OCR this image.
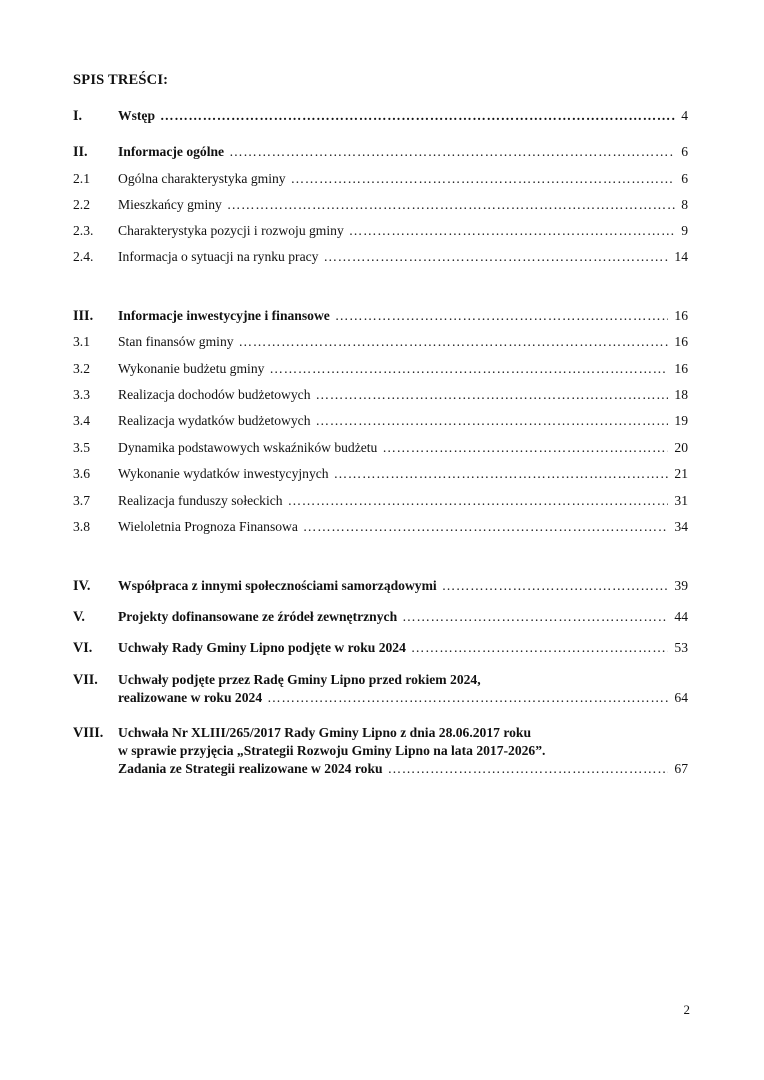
SPIS TREŚCI:
I.	Wstęp ………………………………………………………………………………………………………………………………………………………………………………………………………………	4
II. Informacje ogólne ………………………………………………………………………………………………………………………………………………………………………………………………………………	6
2.1 Ogólna charakterystyka gminy ………………………………………………………………………………………………………………………………………………………………………………………………………………	6
2.2 Mieszkańcy gminy ………………………………………………………………………………………………………………………………………………………………………………………………………………	8
2.3. Charakterystyka pozycji i rozwoju gminy ………………………………………………………………………………………………………………………………………………………………………………………………………………	9
2.4. Informacja o sytuacji na rynku pracy ………………………………………………………………………………………………………………………………………………………………………………………………………………	14
III. Informacje inwestycyjne i finansowe ………………………………………………………………………………………………………………………………………………………………………………………………………………	16
3.1 Stan finansów gminy ………………………………………………………………………………………………………………………………………………………………………………………………………………	16
3.2 Wykonanie budżetu gminy ………………………………………………………………………………………………………………………………………………………………………………………………………………	16
3.3 Realizacja dochodów budżetowych ………………………………………………………………………………………………………………………………………………………………………………………………………………	18
3.4 Realizacja wydatków budżetowych ………………………………………………………………………………………………………………………………………………………………………………………………………………	19
3.5 Dynamika podstawowych wskaźników budżetu ………………………………………………………………………………………………………………………………………………………………………………………………………………	20
3.6 Wykonanie wydatków inwestycyjnych ………………………………………………………………………………………………………………………………………………………………………………………………………………	21
3.7 Realizacja funduszy sołeckich ………………………………………………………………………………………………………………………………………………………………………………………………………………	31
3.8 Wieloletnia Prognoza Finansowa ………………………………………………………………………………………………………………………………………………………………………………………………………………	34
IV. Współpraca z innymi społecznościami samorządowymi ………………………………………………………………………………………………………………………………………………………………………………………………………………	39
V. Projekty dofinansowane ze źródeł zewnętrznych ………………………………………………………………………………………………………………………………………………………………………………………………………………	44
VI. Uchwały Rady Gminy Lipno podjęte w roku 2024 ………………………………………………………………………………………………………………………………………………………………………………………………………………	53
VII. Uchwały podjęte przez Radę Gminy Lipno przed rokiem 2024,
realizowane w roku 2024 ………………………………………………………………………………………………………………………………………………………………………………………………………………	64
VIII. Uchwała Nr XLIII/265/2017 Rady Gminy Lipno z dnia 28.06.2017 roku
w sprawie przyjęcia „Strategii Rozwoju Gminy Lipno na lata 2017-2026”.
Zadania ze Strategii realizowane w 2024 roku ………………………………………………………………………………………………………………………………………………………………………………………………………………	67
2
